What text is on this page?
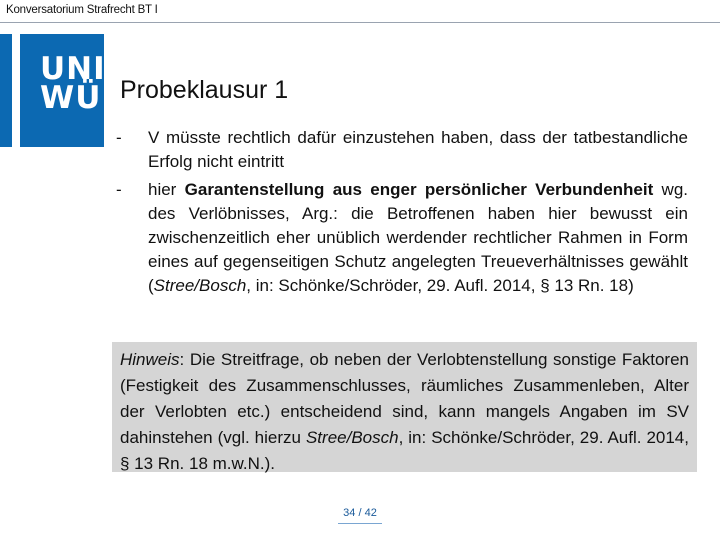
Konversatorium Strafrecht BT I
UNI
WÜ Probeklausur 1
- V müsste rechtlich dafür einzustehen haben, dass der tatbestandliche Erfolg nicht eintritt
- hier Garantenstellung aus enger persönlicher Verbundenheit wg. des Verlöbnisses, Arg.: die Betroffenen haben hier bewusst ein zwischenzeitlich eher unüblich werdender rechtlicher Rahmen in Form eines auf gegenseitigen Schutz angelegten Treueverhältnisses gewählt (Stree/Bosch, in: Schönke/Schröder, 29. Aufl. 2014, § 13 Rn. 18)
Hinweis: Die Streitfrage, ob neben der Verlobtenstellung sonstige Faktoren (Festigkeit des Zusammenschlusses, räumliches Zusammenleben, Alter der Verlobten etc.) entscheidend sind, kann mangels Angaben im SV dahinstehen (vgl. hierzu Stree/Bosch, in: Schönke/Schröder, 29. Aufl. 2014, § 13 Rn. 18 m.w.N.).
34 / 42
